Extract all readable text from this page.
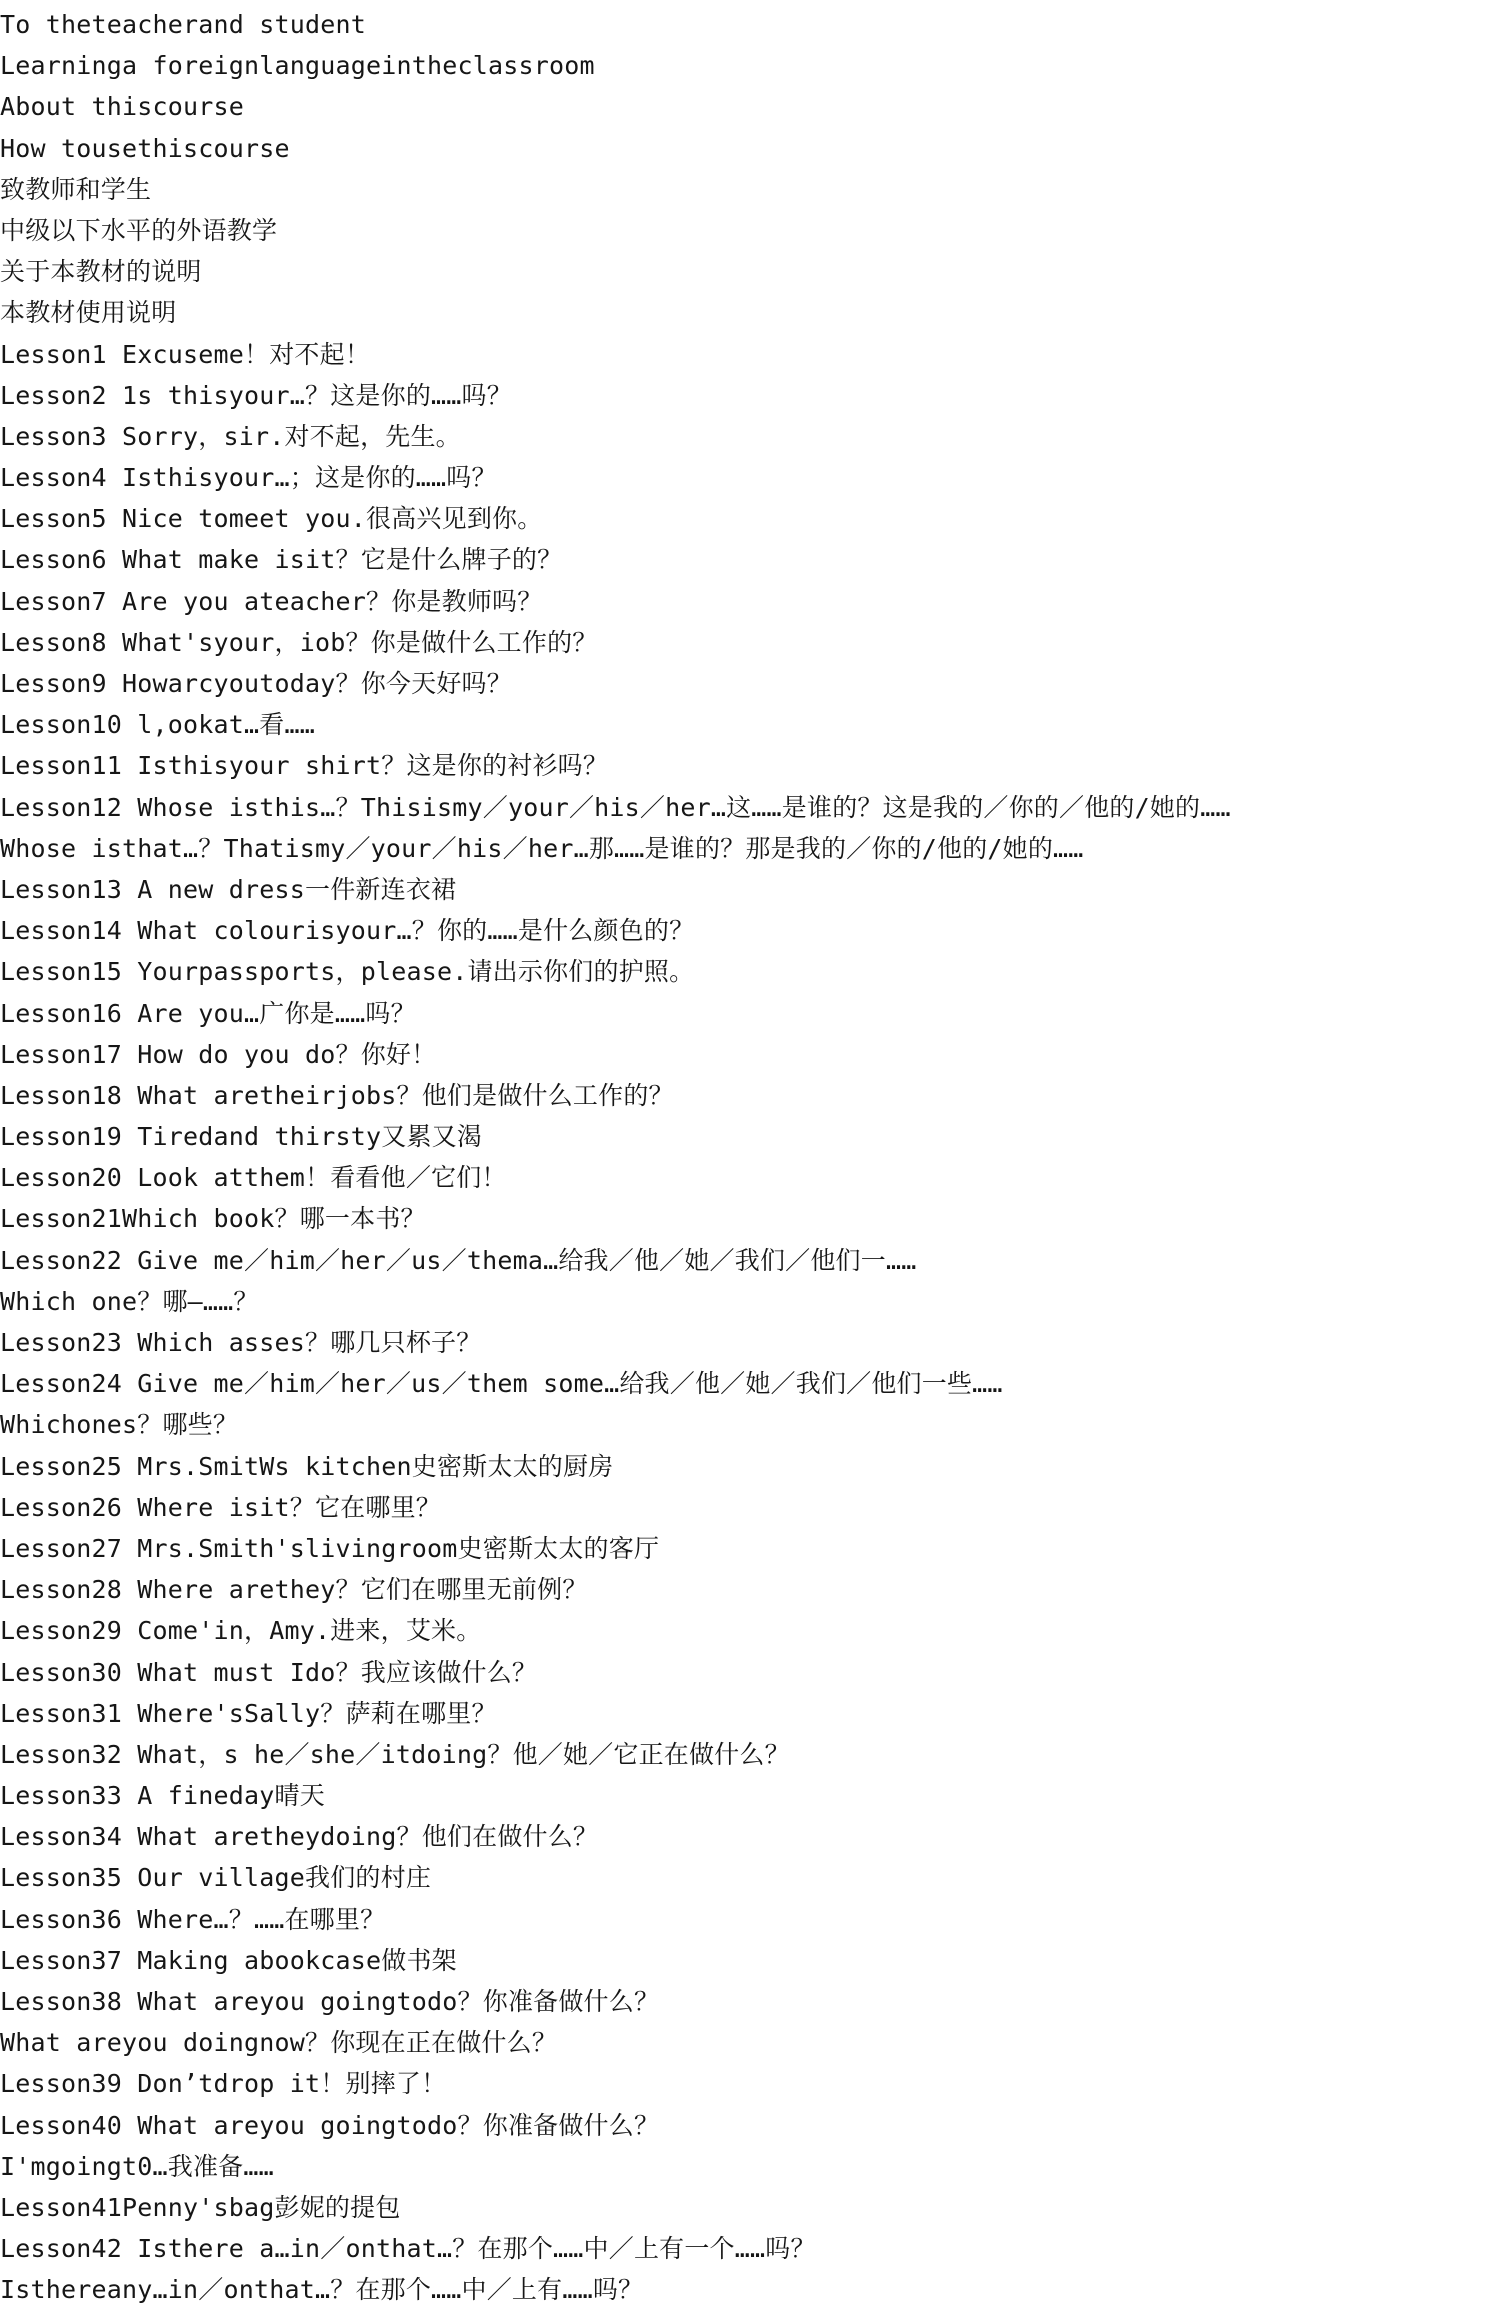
To theteacherand student
Learninga foreignlanguageintheclassroom
About thiscourse
How tousethiscourse
致教师和学生
中级以下水平的外语教学
关于本教材的说明
本教材使用说明
Lesson1 Excuseme！对不起！
Lesson2 1s thisyour…？这是你的……吗？
Lesson3 Sorry，sir.对不起，先生。
Lesson4 Isthisyour…；这是你的……吗？
Lesson5 Nice tomeet you.很高兴见到你。
Lesson6 What make isit？它是什么牌子的？
Lesson7 Are you ateacher？你是教师吗？
Lesson8 What'syour，iob？你是做什么工作的？
Lesson9 Howarcyoutoday？你今天好吗？
Lesson10 l,ookat…看……
Lesson11 Isthisyour shirt？这是你的衬衫吗？
Lesson12 Whose isthis…？Thisismy／your／his／her…这……是谁的？这是我的／你的／他的/她的……
Whose isthat…？Thatismy／your／his／her…那……是谁的？那是我的／你的/他的/她的……
Lesson13 A new dress一件新连衣裙
Lesson14 What colourisyour…？你的……是什么颜色的？
Lesson15 Yourpassports，please.请出示你们的护照。
Lesson16 Are you…广你是……吗？
Lesson17 How do you do？你好！
Lesson18 What aretheirjobs？他们是做什么工作的？
Lesson19 Tiredand thirsty又累又渴
Lesson20 Look atthem！看看他／它们！
Lesson21Which book？哪一本书？
Lesson22 Give me／him／her／us／thema…给我／他／她／我们／他们一……
Which one？哪—……？
Lesson23 Which asses？哪几只杯子？
Lesson24 Give me／him／her／us／them some…给我／他／她／我们／他们一些……
Whichones？哪些？
Lesson25 Mrs.SmitWs kitchen史密斯太太的厨房
Lesson26 Where isit？它在哪里？
Lesson27 Mrs.Smith'slivingroom史密斯太太的客厅
Lesson28 Where arethey？它们在哪里无前例？
Lesson29 Come'in，Amy.进来，艾米。
Lesson30 What must Ido？我应该做什么？
Lesson31 Where'sSally？萨莉在哪里？
Lesson32 What，s he／she／itdoing？他／她／它正在做什么？
Lesson33 A fineday晴天
Lesson34 What aretheydoing？他们在做什么？
Lesson35 Our village我们的村庄
Lesson36 Where…？……在哪里？
Lesson37 Making abookcase做书架
Lesson38 What areyou goingtodo？你准备做什么？
What areyou doingnow？你现在正在做什么？
Lesson39 Don’tdrop it！别摔了！
Lesson40 What areyou goingtodo？你准备做什么？
I'mgoingt0…我准备……
Lesson41Penny'sbag彭妮的提包
Lesson42 Isthere a…in／onthat…？在那个……中／上有一个……吗？
Isthereany…in／onthat…？在那个……中／上有……吗？
